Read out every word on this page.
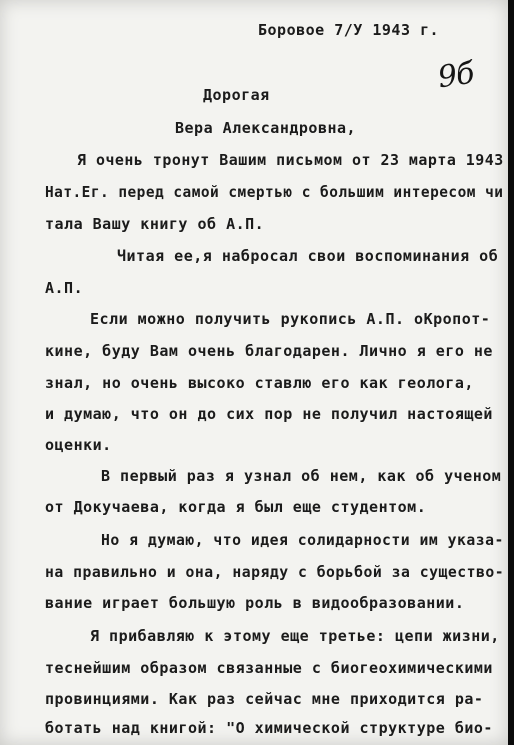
Боровое 7/У 1943 г.
9б
Дорогая
Вера Александровна,
Я очень тронут Вашим письмом от 23 марта 1943
Нат.Ег. перед самой смертью с большим интересом чи
тала Вашу книгу об А.П.
Читая ее,я набросал свои воспоминания об
А.П.
Если можно получить рукопись А.П. оКропот-
кине, буду Вам очень благодарен. Лично я его не
знал, но очень высоко ставлю его как геолога,
и думаю, что он до сих пор не получил настоящей
оценки.
В первый раз я узнал об нем, как об ученом
от Докучаева, когда я был еще студентом.
Но я думаю, что идея солидарности им указа-
на правильно и она, наряду с борьбой за существо-
вание играет большую роль в видообразовании.
Я прибавляю к этому еще третье: цепи жизни,
теснейшим образом связанные с биогеохимическими
провинциями. Как раз сейчас мне приходится ра-
ботать над книгой: "О химической структуре био-
